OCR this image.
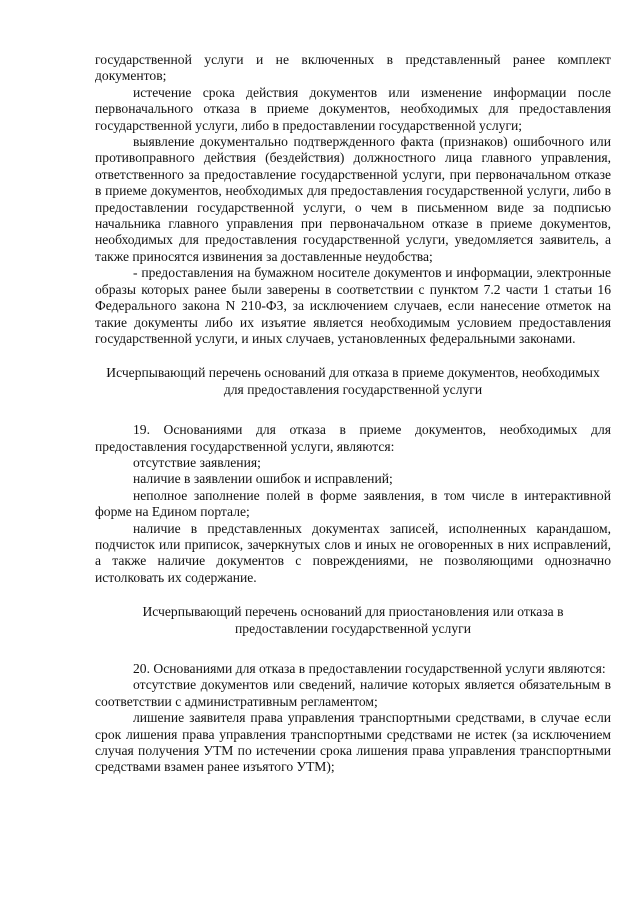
государственной услуги и не включенных в представленный ранее комплект документов;

истечение срока действия документов или изменение информации после первоначального отказа в приеме документов, необходимых для предоставления государственной услуги, либо в предоставлении государственной услуги;

выявление документально подтвержденного факта (признаков) ошибочного или противоправного действия (бездействия) должностного лица главного управления, ответственного за предоставление государственной услуги, при первоначальном отказе в приеме документов, необходимых для предоставления государственной услуги, либо в предоставлении государственной услуги, о чем в письменном виде за подписью начальника главного управления при первоначальном отказе в приеме документов, необходимых для предоставления государственной услуги, уведомляется заявитель, а также приносятся извинения за доставленные неудобства;

- предоставления на бумажном носителе документов и информации, электронные образы которых ранее были заверены в соответствии с пунктом 7.2 части 1 статьи 16 Федерального закона N 210-ФЗ, за исключением случаев, если нанесение отметок на такие документы либо их изъятие является необходимым условием предоставления государственной услуги, и иных случаев, установленных федеральными законами.

Исчерпывающий перечень оснований для отказа в приеме документов, необходимых для предоставления государственной услуги

19. Основаниями для отказа в приеме документов, необходимых для предоставления государственной услуги, являются:

отсутствие заявления;

наличие в заявлении ошибок и исправлений;

неполное заполнение полей в форме заявления, в том числе в интерактивной форме на Едином портале;

наличие в представленных документах записей, исполненных карандашом, подчисток или приписок, зачеркнутых слов и иных не оговоренных в них исправлений, а также наличие документов с повреждениями, не позволяющими однозначно истолковать их содержание.

Исчерпывающий перечень оснований для приостановления или отказа в предоставлении государственной услуги

20. Основаниями для отказа в предоставлении государственной услуги являются:

отсутствие документов или сведений, наличие которых является обязательным в соответствии с административным регламентом;

лишение заявителя права управления транспортными средствами, в случае если срок лишения права управления транспортными средствами не истек (за исключением случая получения УТМ по истечении срока лишения права управления транспортными средствами взамен ранее изъятого УТМ);
